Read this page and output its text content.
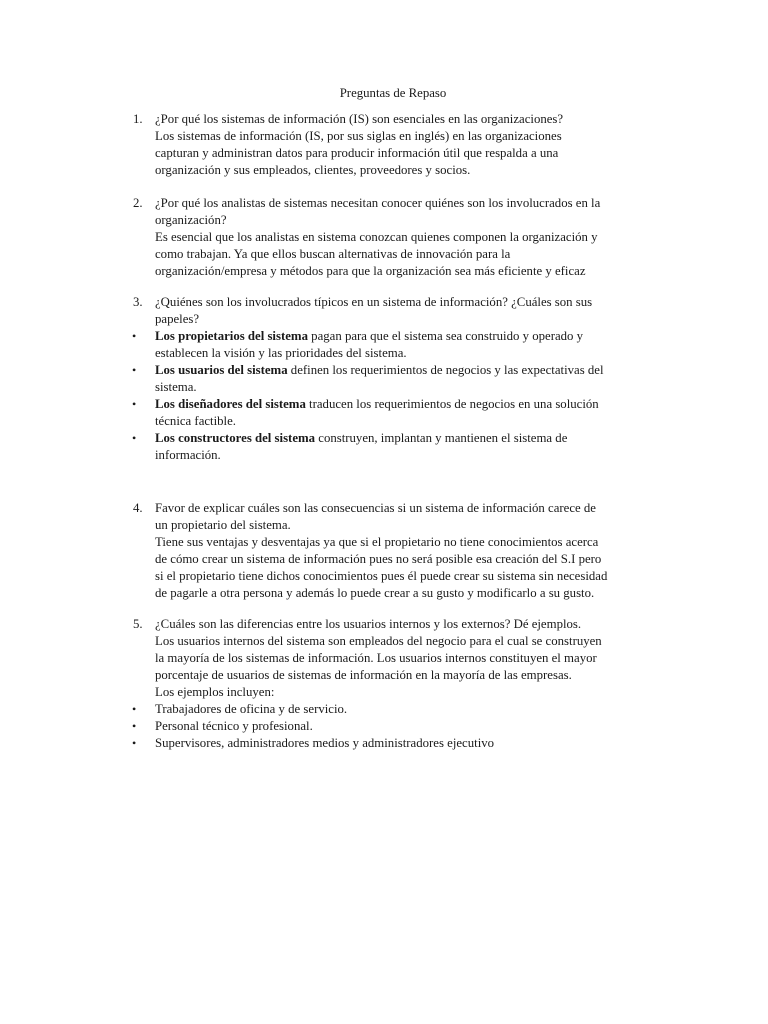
Preguntas de Repaso
1. ¿Por qué los sistemas de información (IS) son esenciales en las organizaciones?
Los sistemas de información (IS, por sus siglas en inglés) en las organizaciones
capturan y administran datos para producir información útil que respalda a una
organización y sus empleados, clientes, proveedores y socios.
2. ¿Por qué los analistas de sistemas necesitan conocer quiénes son los involucrados en la
organización?
Es esencial que los analistas en sistema conozcan quienes componen la organización y
como trabajan. Ya que ellos buscan alternativas de innovación para la
organización/empresa y métodos para que la organización sea más eficiente y eficaz
3. ¿Quiénes son los involucrados típicos en un sistema de información? ¿Cuáles son sus
papeles?
• Los propietarios del sistema pagan para que el sistema sea construido y operado y
establecen la visión y las prioridades del sistema.
• Los usuarios del sistema definen los requerimientos de negocios y las expectativas del
sistema.
• Los diseñadores del sistema traducen los requerimientos de negocios en una solución
técnica factible.
• Los constructores del sistema construyen, implantan y mantienen el sistema de
información.
4. Favor de explicar cuáles son las consecuencias si un sistema de información carece de
un propietario del sistema.
Tiene sus ventajas y desventajas ya que si el propietario no tiene conocimientos acerca
de cómo crear un sistema de información pues no será posible esa creación del S.I pero
si el propietario tiene dichos conocimientos pues él puede crear su sistema sin necesidad
de pagarle a otra persona y además lo puede crear a su gusto y modificarlo a su gusto.
5. ¿Cuáles son las diferencias entre los usuarios internos y los externos? Dé ejemplos.
Los usuarios internos del sistema son empleados del negocio para el cual se construyen
la mayoría de los sistemas de información. Los usuarios internos constituyen el mayor
porcentaje de usuarios de sistemas de información en la mayoría de las empresas.
Los ejemplos incluyen:
• Trabajadores de oficina y de servicio.
• Personal técnico y profesional.
• Supervisores, administradores medios y administradores ejecutivo
